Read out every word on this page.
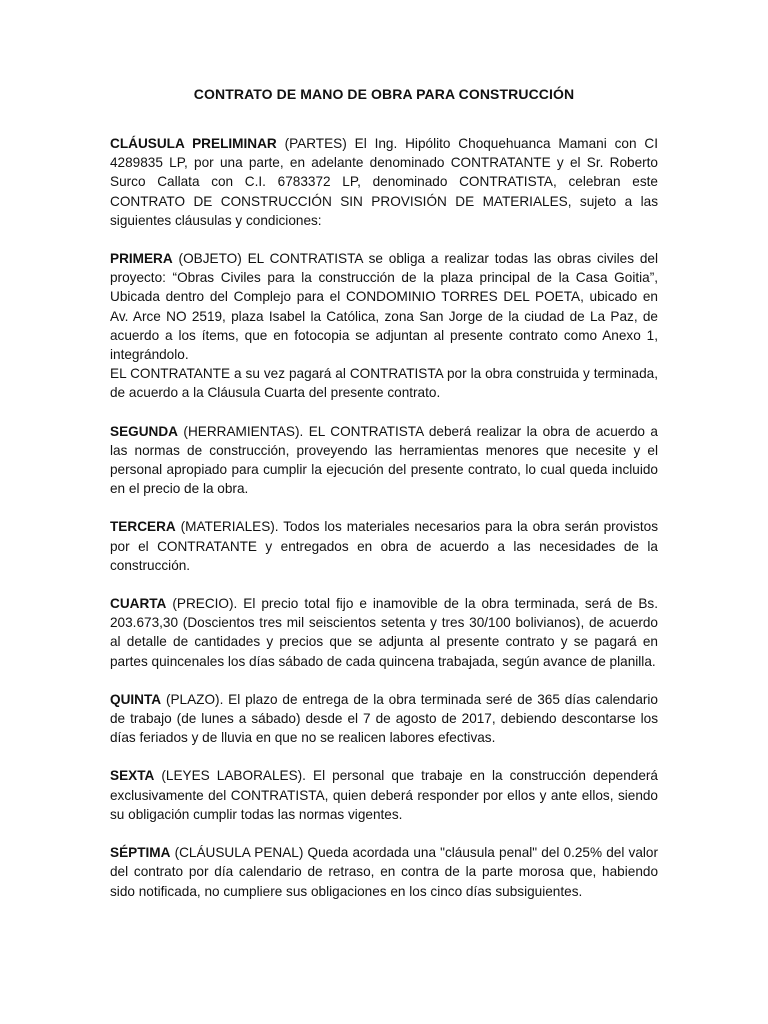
CONTRATO DE MANO DE OBRA PARA CONSTRUCCIÓN

CLÁUSULA PRELIMINAR (PARTES) El Ing. Hipólito Choquehuanca Mamani con CI 4289835 LP, por una parte, en adelante denominado CONTRATANTE y el Sr. Roberto Surco Callata con C.I. 6783372 LP, denominado CONTRATISTA, celebran este CONTRATO DE CONSTRUCCIÓN SIN PROVISIÓN DE MATERIALES, sujeto a las siguientes cláusulas y condiciones:

PRIMERA (OBJETO) EL CONTRATISTA se obliga a realizar todas las obras civiles del proyecto: “Obras Civiles para la construcción de la plaza principal de la Casa Goitia”, Ubicada dentro del Complejo para el CONDOMINIO TORRES DEL POETA, ubicado en Av. Arce NO 2519, plaza Isabel la Católica, zona San Jorge de la ciudad de La Paz, de acuerdo a los ítems, que en fotocopia se adjuntan al presente contrato como Anexo 1, integrándolo.

EL CONTRATANTE a su vez pagará al CONTRATISTA por la obra construida y terminada, de acuerdo a la Cláusula Cuarta del presente contrato.

SEGUNDA (HERRAMIENTAS). EL CONTRATISTA deberá realizar la obra de acuerdo a las normas de construcción, proveyendo las herramientas menores que necesite y el personal apropiado para cumplir la ejecución del presente contrato, lo cual queda incluido en el precio de la obra.

TERCERA (MATERIALES). Todos los materiales necesarios para la obra serán provistos por el CONTRATANTE y entregados en obra de acuerdo a las necesidades de la construcción.

CUARTA (PRECIO). El precio total fijo e inamovible de la obra terminada, será de Bs. 203.673,30 (Doscientos tres mil seiscientos setenta y tres 30/100 bolivianos), de acuerdo al detalle de cantidades y precios que se adjunta al presente contrato y se pagará en partes quincenales los días sábado de cada quincena trabajada, según avance de planilla.

QUINTA (PLAZO). El plazo de entrega de la obra terminada seré de 365 días calendario de trabajo (de lunes a sábado) desde el 7 de agosto de 2017, debiendo descontarse los días feriados y de lluvia en que no se realicen labores efectivas.

SEXTA (LEYES LABORALES). El personal que trabaje en la construcción dependerá exclusivamente del CONTRATISTA, quien deberá responder por ellos y ante ellos, siendo su obligación cumplir todas las normas vigentes.

SÉPTIMA (CLÁUSULA PENAL) Queda acordada una "cláusula penal" del 0.25% del valor del contrato por día calendario de retraso, en contra de la parte morosa que, habiendo sido notificada, no cumpliere sus obligaciones en los cinco días subsiguientes.
